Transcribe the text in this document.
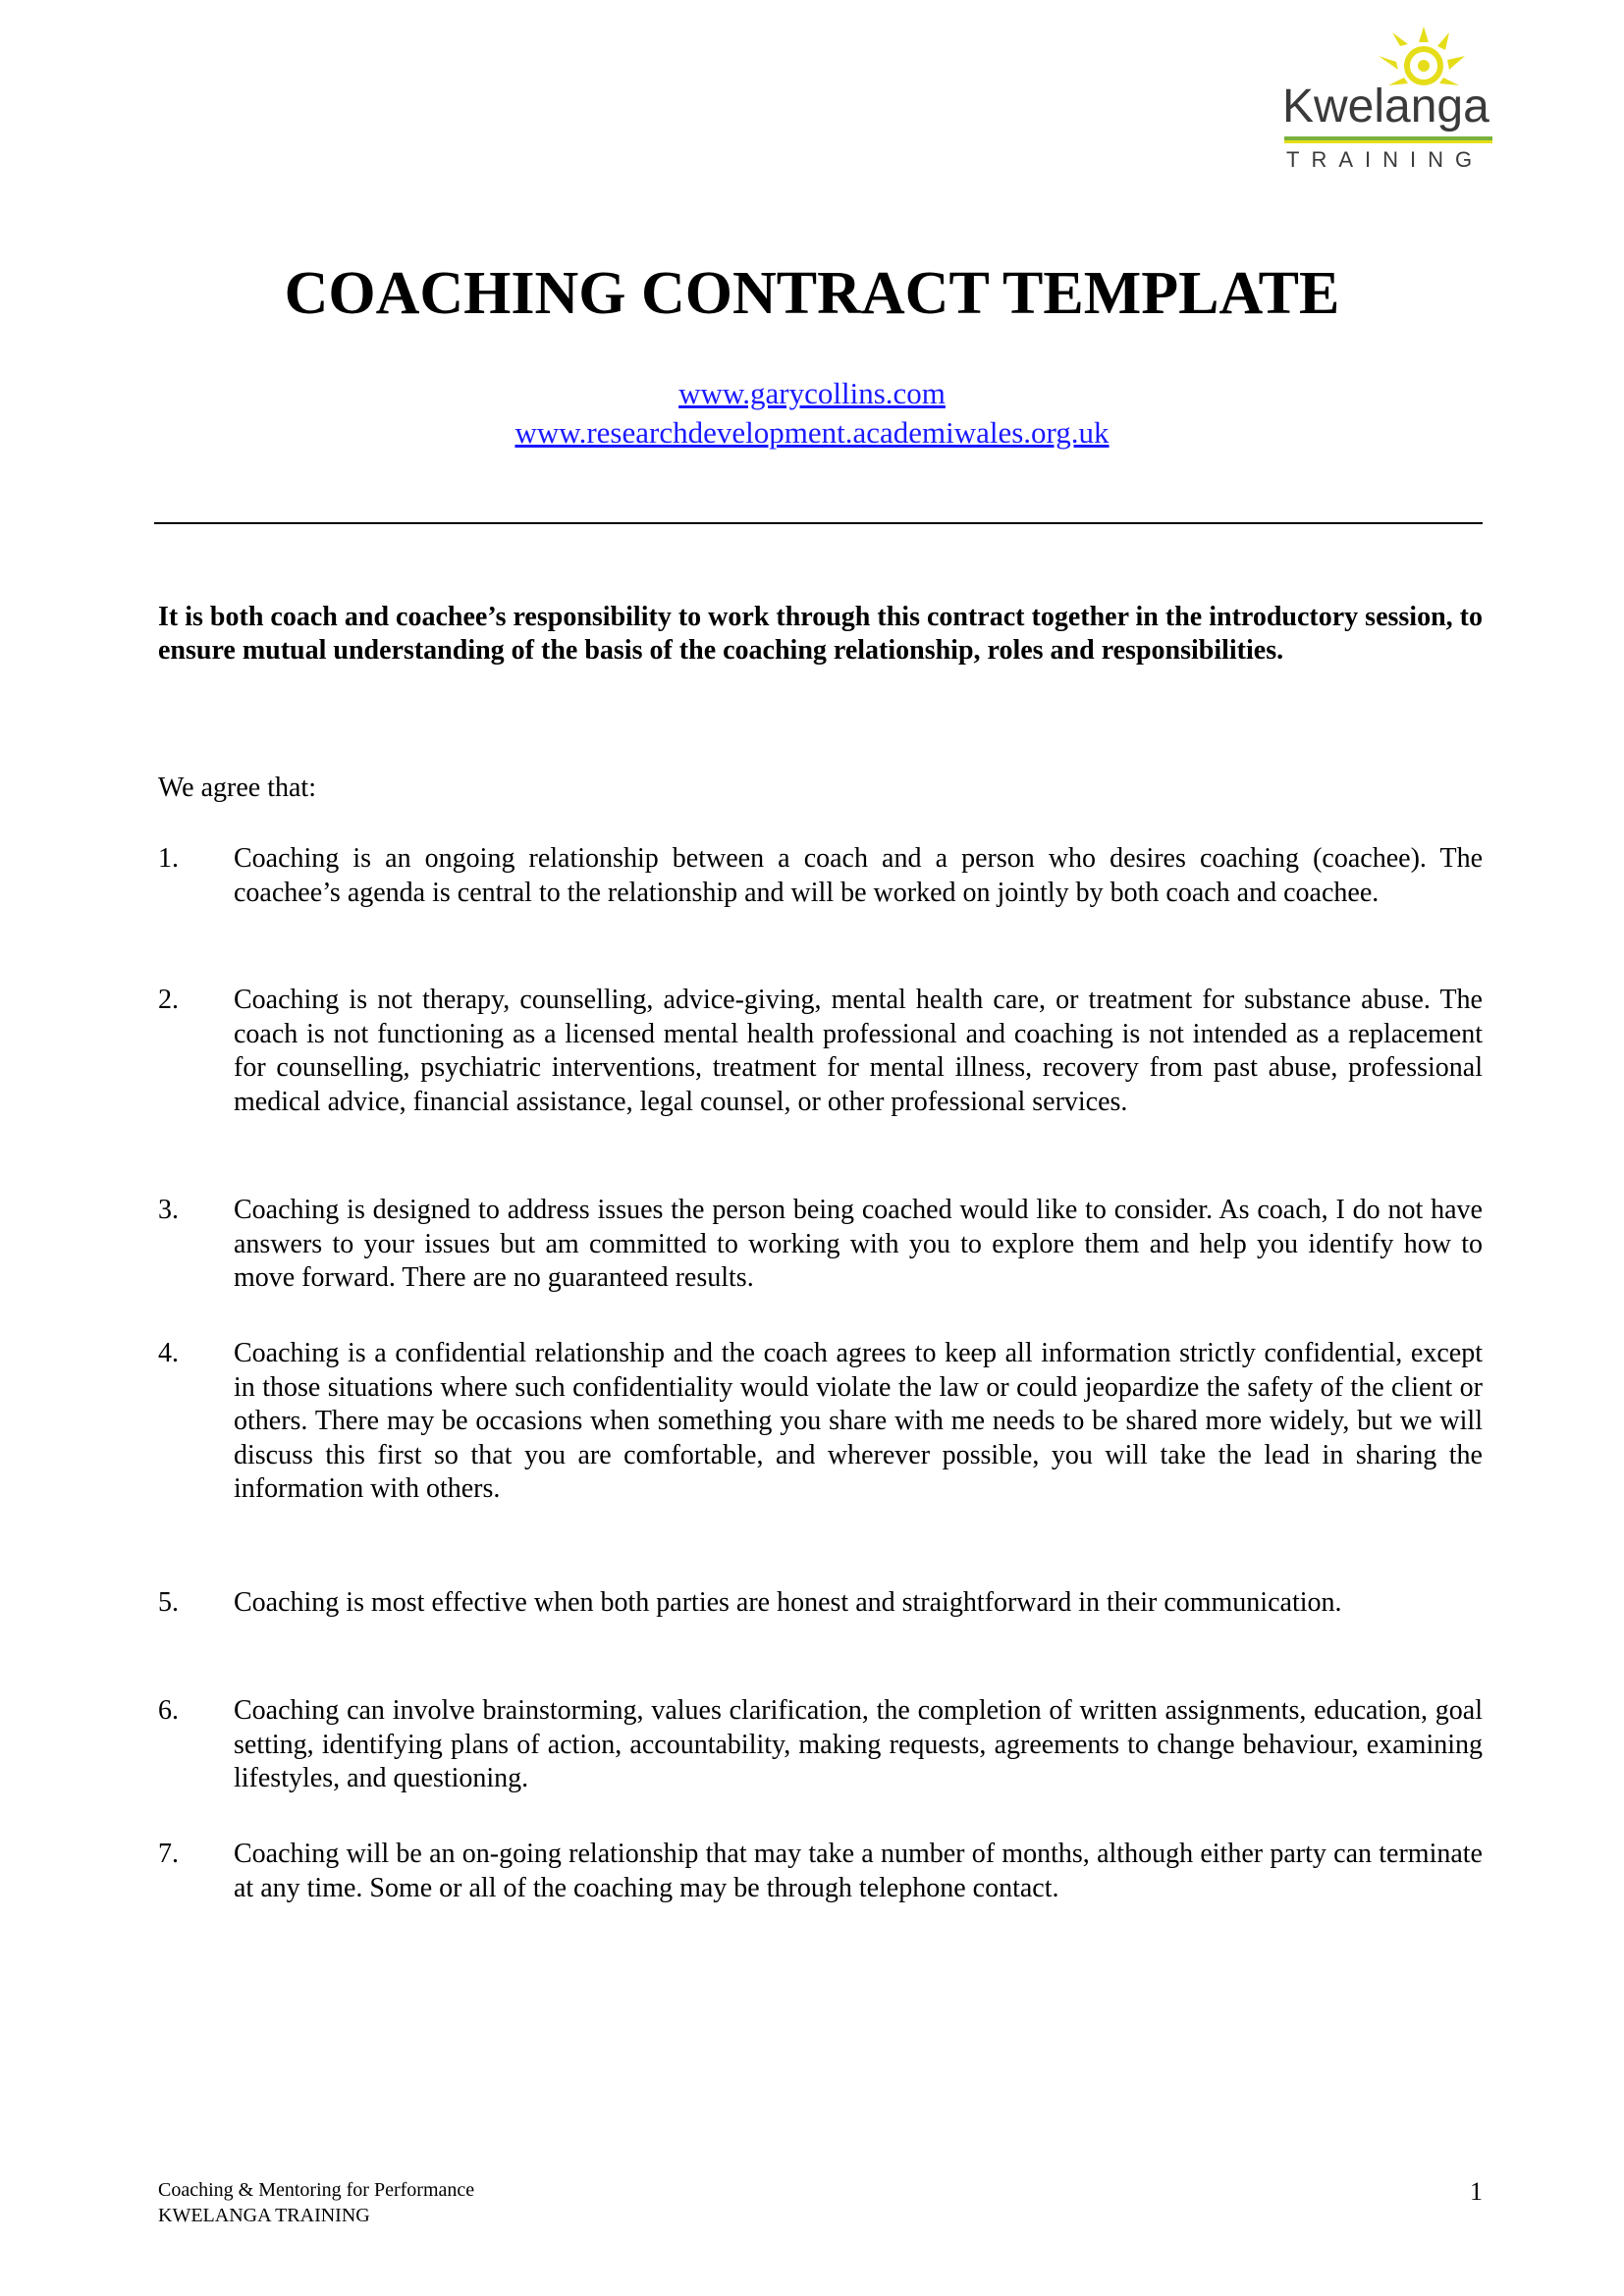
Kwelanga
TRAINING
COACHING CONTRACT TEMPLATE
www.garycollins.com
www.researchdevelopment.academiwales.org.uk

It is both coach and coachee’s responsibility to work through this contract together in the introductory session, to ensure mutual understanding of the basis of the coaching relationship, roles and responsibilities.

We agree that:

1. Coaching is an ongoing relationship between a coach and a person who desires coaching (coachee). The coachee’s agenda is central to the relationship and will be worked on jointly by both coach and coachee.
2. Coaching is not therapy, counselling, advice-giving, mental health care, or treatment for substance abuse. The coach is not functioning as a licensed mental health professional and coaching is not intended as a replacement for counselling, psychiatric interventions, treatment for mental illness, recovery from past abuse, professional medical advice, financial assistance, legal counsel, or other professional services.
3. Coaching is designed to address issues the person being coached would like to consider. As coach, I do not have answers to your issues but am committed to working with you to explore them and help you identify how to move forward. There are no guaranteed results.
4. Coaching is a confidential relationship and the coach agrees to keep all information strictly confidential, except in those situations where such confidentiality would violate the law or could jeopardize the safety of the client or others. There may be occasions when something you share with me needs to be shared more widely, but we will discuss this first so that you are comfortable, and wherever possible, you will take the lead in sharing the information with others.
5. Coaching is most effective when both parties are honest and straightforward in their communication.
6. Coaching can involve brainstorming, values clarification, the completion of written assignments, education, goal setting, identifying plans of action, accountability, making requests, agreements to change behaviour, examining lifestyles, and questioning.
7. Coaching will be an on-going relationship that may take a number of months, although either party can terminate at any time. Some or all of the coaching may be through telephone contact.
Coaching & Mentoring for Performance
KWELANGA TRAINING
1
